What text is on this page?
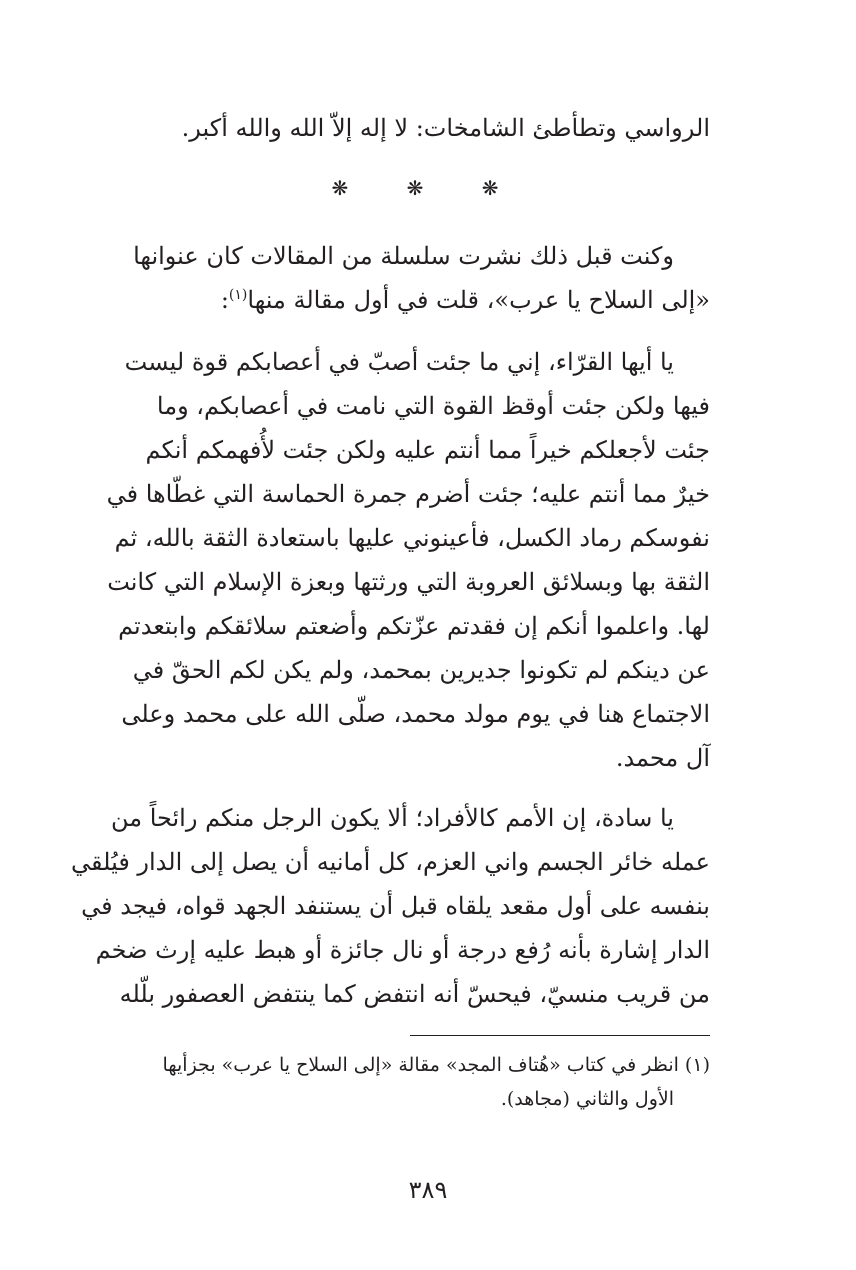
الرواسي وتطأطئ الشامخات: لا إله إلاّ الله والله أكبر.
❋ ❋ ❋
وكنت قبل ذلك نشرت سلسلة من المقالات كان عنوانها
«إلى السلاح يا عرب»، قلت في أول مقالة منها$^{(١)}$:
يا أيها القرّاء، إني ما جئت أصبّ في أعصابكم قوة ليست
فيها ولكن جئت أوقظ القوة التي نامت في أعصابكم، وما
جئت لأجعلكم خيراً مما أنتم عليه ولكن جئت لأُفهمكم أنكم
خيرٌ مما أنتم عليه؛ جئت أضرم جمرة الحماسة التي غطّاها في
نفوسكم رماد الكسل، فأعينوني عليها باستعادة الثقة بالله، ثم
الثقة بها وبسلائق العروبة التي ورثتها وبعزة الإسلام التي كانت
لها. واعلموا أنكم إن فقدتم عزّتكم وأضعتم سلائقكم وابتعدتم
عن دينكم لم تكونوا جديرين بمحمد، ولم يكن لكم الحقّ في
الاجتماع هنا في يوم مولد محمد، صلّى الله على محمد وعلى
آل محمد.
يا سادة، إن الأمم كالأفراد؛ ألا يكون الرجل منكم رائحاً من
عمله خائر الجسم واني العزم، كل أمانيه أن يصل إلى الدار فيُلقي
بنفسه على أول مقعد يلقاه قبل أن يستنفد الجهد قواه، فيجد في
الدار إشارة بأنه رُفع درجة أو نال جائزة أو هبط عليه إرث ضخم
من قريب منسيّ، فيحسّ أنه انتفض كما ينتفض العصفور بلّله
(١) انظر في كتاب «هُتاف المجد» مقالة «إلى السلاح يا عرب» بجزأيها
الأول والثاني (مجاهد).
٣٨٩
